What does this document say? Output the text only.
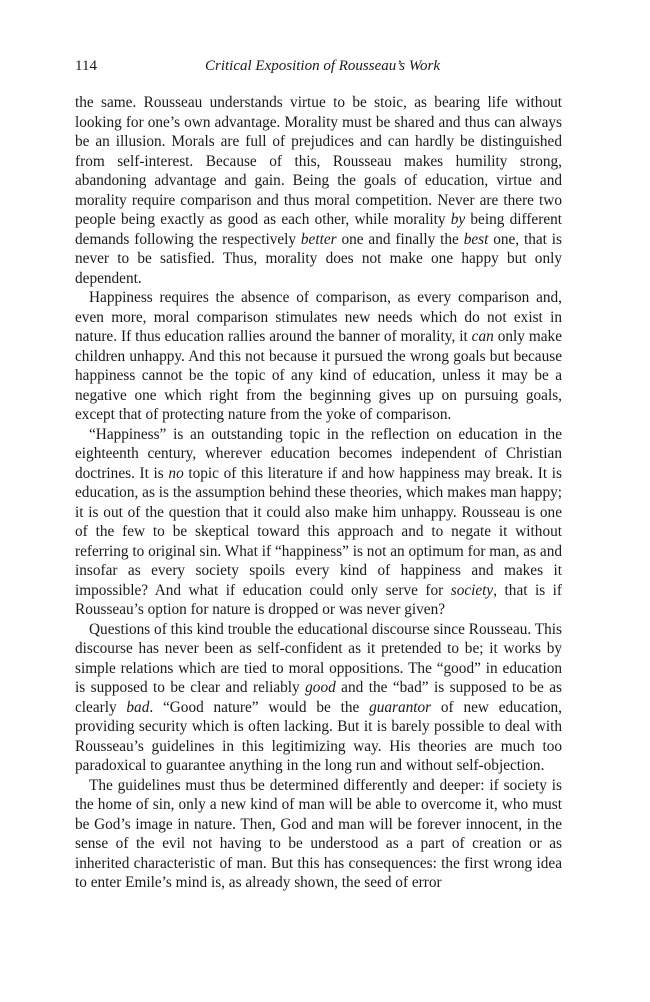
114	Critical Exposition of Rousseau’s Work

the same. Rousseau understands virtue to be stoic, as bearing life without looking for one’s own advantage. Morality must be shared and thus can always be an illusion. Morals are full of prejudices and can hardly be distinguished from self-interest. Because of this, Rousseau makes humility strong, abandoning advantage and gain. Being the goals of education, virtue and morality require comparison and thus moral competition. Never are there two people being exactly as good as each other, while morality by being different demands following the respectively better one and finally the best one, that is never to be satisfied. Thus, morality does not make one happy but only dependent.

Happiness requires the absence of comparison, as every comparison and, even more, moral comparison stimulates new needs which do not exist in nature. If thus education rallies around the banner of morality, it can only make children unhappy. And this not because it pursued the wrong goals but because happiness cannot be the topic of any kind of education, unless it may be a negative one which right from the beginning gives up on pursuing goals, except that of protecting nature from the yoke of comparison.

“Happiness” is an outstanding topic in the reflection on education in the eighteenth century, wherever education becomes independent of Christian doctrines. It is no topic of this literature if and how happiness may break. It is education, as is the assumption behind these theories, which makes man happy; it is out of the question that it could also make him unhappy. Rousseau is one of the few to be skeptical toward this approach and to negate it without referring to original sin. What if “happiness” is not an optimum for man, as and insofar as every society spoils every kind of happiness and makes it impossible? And what if education could only serve for society, that is if Rousseau’s option for nature is dropped or was never given?

Questions of this kind trouble the educational discourse since Rousseau. This discourse has never been as self-confident as it pretended to be; it works by simple relations which are tied to moral oppositions. The “good” in education is supposed to be clear and reliably good and the “bad” is supposed to be as clearly bad. “Good nature” would be the guarantor of new education, providing security which is often lacking. But it is barely possible to deal with Rousseau’s guidelines in this legitimizing way. His theories are much too paradoxical to guarantee anything in the long run and without self-objection.

The guidelines must thus be determined differently and deeper: if society is the home of sin, only a new kind of man will be able to overcome it, who must be God’s image in nature. Then, God and man will be forever innocent, in the sense of the evil not having to be understood as a part of creation or as inherited characteristic of man. But this has consequences: the first wrong idea to enter Emile’s mind is, as already shown, the seed of error
